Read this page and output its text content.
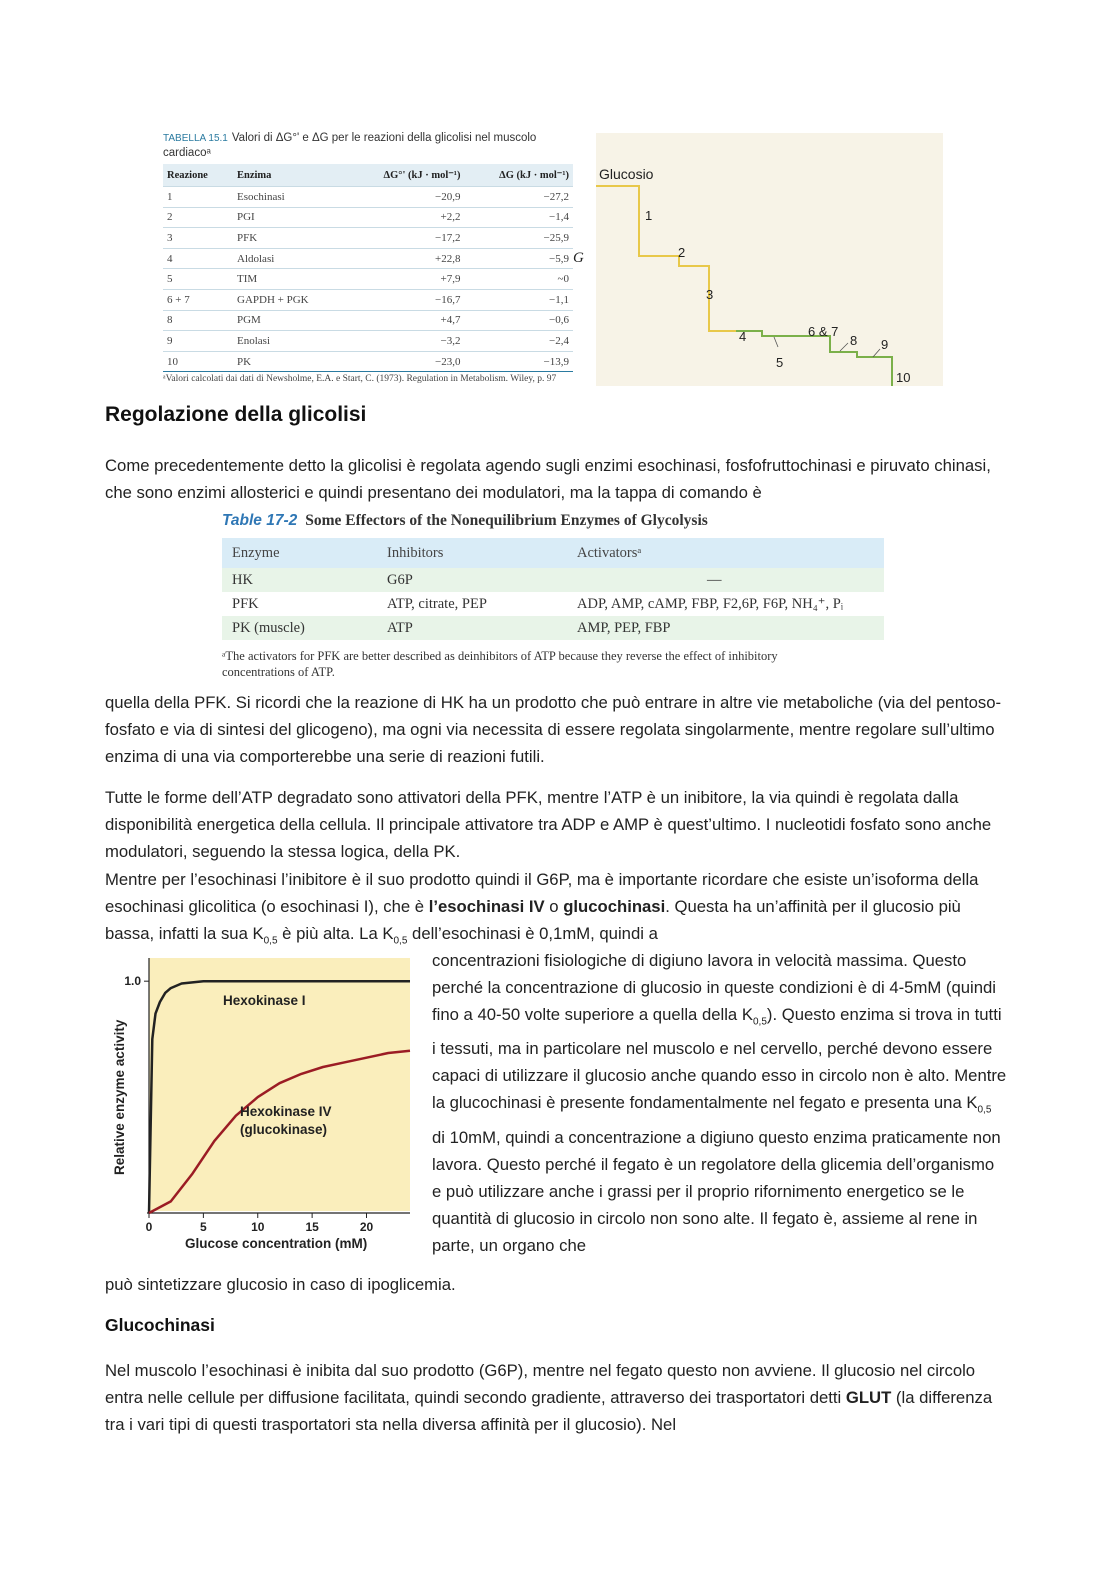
TABELLA 15.1 Valori di ΔG°' e ΔG per le reazioni della glicolisi nel muscolo cardiacoᵃ
Reazione	Enzima	ΔG°' (kJ · mol⁻¹)	ΔG (kJ · mol⁻¹)
1	Esochinasi	−20,9	−27,2
2	PGI	+2,2	−1,4
3	PFK	−17,2	−25,9
4	Aldolasi	+22,8	−5,9
5	TIM	+7,9	~0
6 + 7	GAPDH + PGK	−16,7	−1,1
8	PGM	+4,7	−0,6
9	Enolasi	−3,2	−2,4
10	PK	−23,0	−13,9
ᵃValori calcolati dai dati di Newsholme, E.A. e Start, C. (1973). Regulation in Metabolism. Wiley, p. 97
G
Glucosio
1
2
3
4
5
6 & 7
8 9
10
Regolazione della glicolisi
Come precedentemente detto la glicolisi è regolata agendo sugli enzimi esochinasi, fosfofruttochinasi e piruvato chinasi, che sono enzimi allosterici e quindi presentano dei modulatori, ma la tappa di comando è
Table 17-2 Some Effectors of the Nonequilibrium Enzymes of Glycolysis
Enzyme	Inhibitors	Activatorsᵃ
HK	G6P	—
PFK	ATP, citrate, PEP	ADP, AMP, cAMP, FBP, F2,6P, F6P, NH₄⁺, Pᵢ
PK (muscle)	ATP	AMP, PEP, FBP
ᵃThe activators for PFK are better described as deinhibitors of ATP because they reverse the effect of inhibitory concentrations of ATP.
quella della PFK. Si ricordi che la reazione di HK ha un prodotto che può entrare in altre vie metaboliche (via del pentoso-fosfato e via di sintesi del glicogeno), ma ogni via necessita di essere regolata singolarmente, mentre regolare sull’ultimo enzima di una via comporterebbe una serie di reazioni futili.
Tutte le forme dell’ATP degradato sono attivatori della PFK, mentre l’ATP è un inibitore, la via quindi è regolata dalla disponibilità energetica della cellula. Il principale attivatore tra ADP e AMP è quest’ultimo. I nucleotidi fosfato sono anche modulatori, seguendo la stessa logica, della PK.
Mentre per l’esochinasi l’inibitore è il suo prodotto quindi il G6P, ma è importante ricordare che esiste un’isoforma della esochinasi glicolitica (o esochinasi I), che è l’esochinasi IV o glucochinasi. Questa ha un’affinità per il glucosio più bassa, infatti la sua $K_{0,5}$ è più alta. La $K_{0,5}$ dell’esochinasi è 0,1mM, quindi a
0	5	10	15	20
1.0
Glucose concentration (mM)
Relative enzyme activity
Hexokinase I
Hexokinase IV
(glucokinase)
concentrazioni fisiologiche di digiuno lavora in velocità massima. Questo perché la concentrazione di glucosio in queste condizioni è di 4-5mM (quindi fino a 40-50 volte superiore a quella della $K_{0,5}$). Questo enzima si trova in tutti i tessuti, ma in particolare nel muscolo e nel cervello, perché devono essere capaci di utilizzare il glucosio anche quando esso in circolo non è alto. Mentre la glucochinasi è presente fondamentalmente nel fegato e presenta una $K_{0,5}$ di 10mM, quindi a concentrazione a digiuno questo enzima praticamente non lavora. Questo perché il fegato è un regolatore della glicemia dell’organismo e può utilizzare anche i grassi per il proprio rifornimento energetico se le quantità di glucosio in circolo non sono alte. Il fegato è, assieme al rene in parte, un organo che
può sintetizzare glucosio in caso di ipoglicemia.
Glucochinasi
Nel muscolo l’esochinasi è inibita dal suo prodotto (G6P), mentre nel fegato questo non avviene. Il glucosio nel circolo entra nelle cellule per diffusione facilitata, quindi secondo gradiente, attraverso dei trasportatori detti GLUT (la differenza tra i vari tipi di questi trasportatori sta nella diversa affinità per il glucosio). Nel
